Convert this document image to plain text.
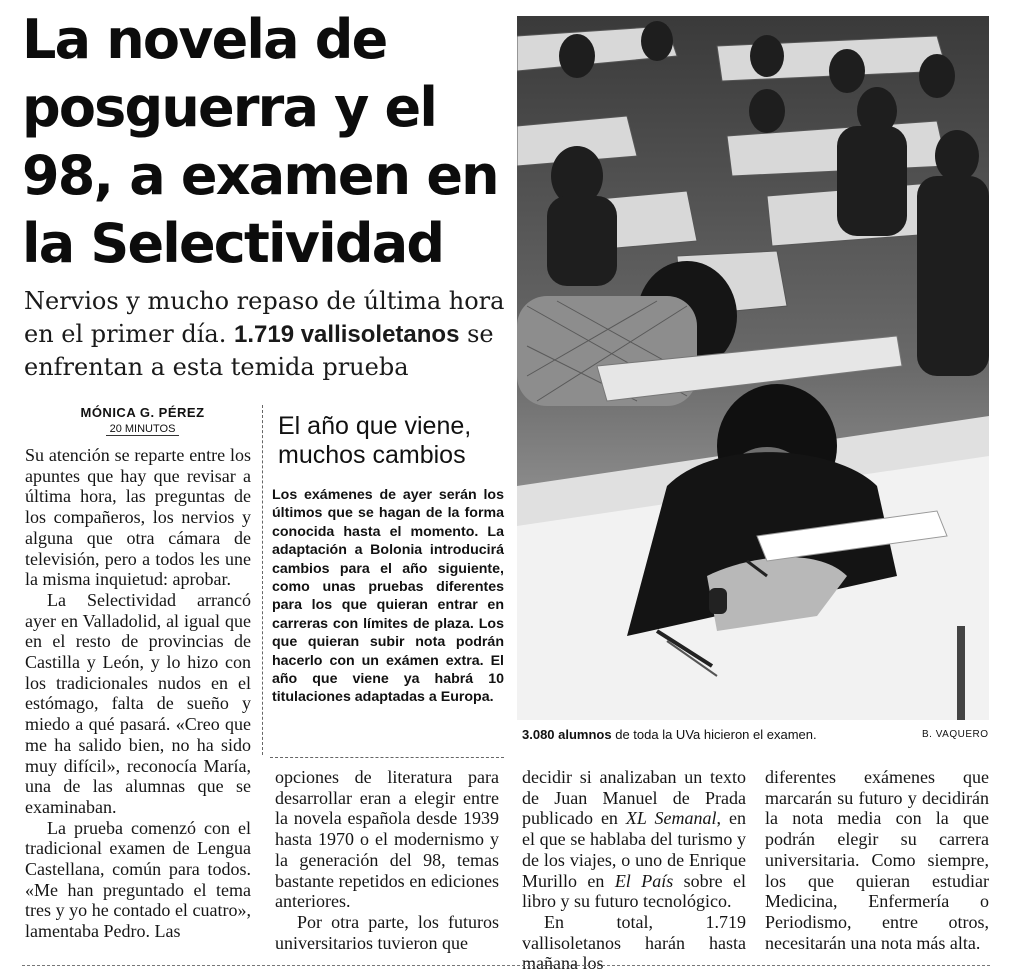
La novela de
posguerra y el
98, a examen en
la Selectividad
Nervios y mucho repaso de última hora en el primer día. 1.719 vallisoletanos se enfrentan a esta temida prueba
MÓNICA G. PÉREZ
20 MINUTOS

Su atención se reparte entre los apuntes que hay que revisar a última hora, las preguntas de los compañeros, los nervios y alguna que otra cámara de televisión, pero a todos les une la misma inquietud: aprobar.

La Selectividad arrancó ayer en Valladolid, al igual que en el resto de provincias de Castilla y León, y lo hizo con los tradicionales nudos en el estómago, falta de sueño y miedo a qué pasará. «Creo que me ha salido bien, no ha sido muy difícil», reconocía María, una de las alumnas que se examinaban.

La prueba comenzó con el tradicional examen de Lengua Castellana, común para todos. «Me han preguntado el tema tres y yo he contado el cuatro», lamentaba Pedro. Las

El año que viene,
muchos cambios
Los exámenes de ayer serán los últimos que se hagan de la forma conocida hasta el momento. La adaptación a Bolonia introducirá cambios para el año siguiente, como unas pruebas diferentes para los que quieran entrar en carreras con límites de plaza. Los que quieran subir nota podrán hacerlo con un exámen extra. El año que viene ya habrá 10 titulaciones adaptadas a Europa.

opciones de literatura para desarrollar eran a elegir entre la novela española desde 1939 hasta 1970 o el modernismo y la generación del 98, temas bastante repetidos en ediciones anteriores.

Por otra parte, los futuros universitarios tuvieron que

decidir si analizaban un texto de Juan Manuel de Prada publicado en XL Semanal, en el que se hablaba del turismo y de los viajes, o uno de Enrique Murillo en El País sobre el libro y su futuro tecnológico.

En total, 1.719 vallisoletanos harán hasta mañana los

diferentes exámenes que marcarán su futuro y decidirán la nota media con la que podrán elegir su carrera universitaria. Como siempre, los que quieran estudiar Medicina, Enfermería o Periodismo, entre otros, necesitarán una nota más alta.

3.080 alumnos de toda la UVa hicieron el examen.	B. VAQUERO
